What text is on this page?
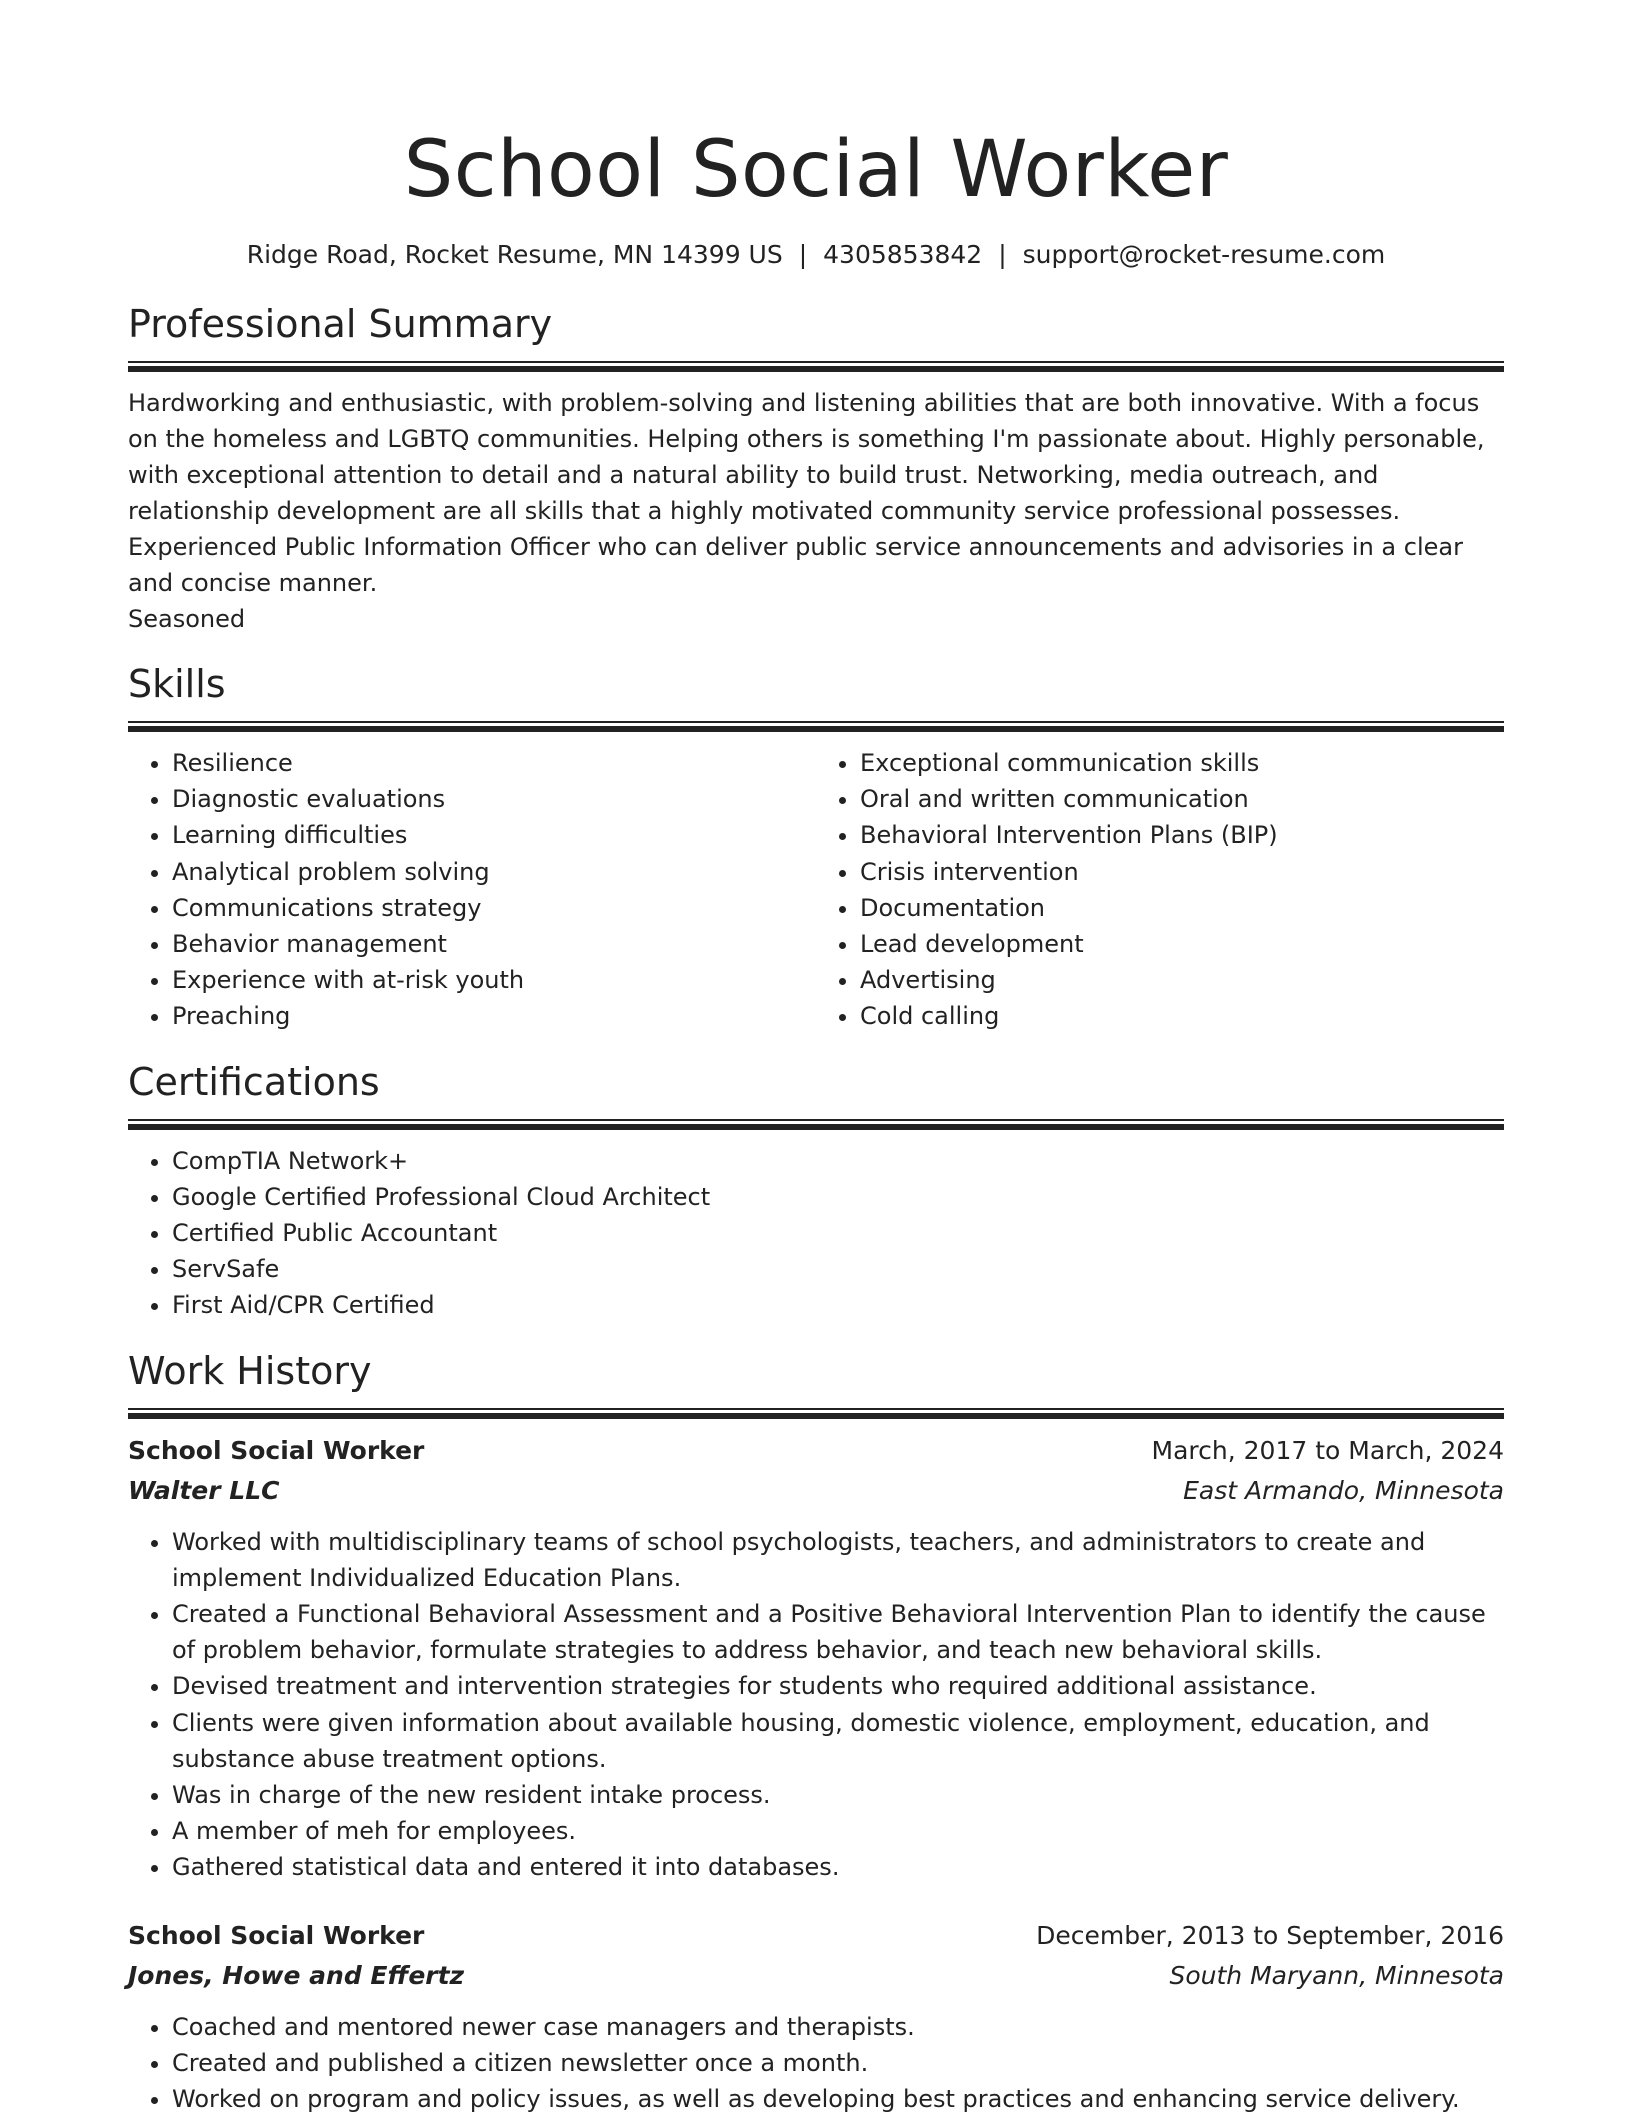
School Social Worker
Ridge Road, Rocket Resume, MN 14399 US | 4305853842 | support@rocket-resume.com
Professional Summary
Hardworking and enthusiastic, with problem-solving and listening abilities that are both innovative. With a focus on the homeless and LGBTQ communities. Helping others is something I'm passionate about. Highly personable, with exceptional attention to detail and a natural ability to build trust. Networking, media outreach, and relationship development are all skills that a highly motivated community service professional possesses. Experienced Public Information Officer who can deliver public service announcements and advisories in a clear and concise manner.
Seasoned
Skills
• Resilience
• Diagnostic evaluations
• Learning difficulties
• Analytical problem solving
• Communications strategy
• Behavior management
• Experience with at-risk youth
• Preaching
• Exceptional communication skills
• Oral and written communication
• Behavioral Intervention Plans (BIP)
• Crisis intervention
• Documentation
• Lead development
• Advertising
• Cold calling
Certifications
• CompTIA Network+
• Google Certified Professional Cloud Architect
• Certified Public Accountant
• ServSafe
• First Aid/CPR Certified
Work History
School Social Worker	March, 2017 to March, 2024
Walter LLC	East Armando, Minnesota
• Worked with multidisciplinary teams of school psychologists, teachers, and administrators to create and implement Individualized Education Plans.
• Created a Functional Behavioral Assessment and a Positive Behavioral Intervention Plan to identify the cause of problem behavior, formulate strategies to address behavior, and teach new behavioral skills.
• Devised treatment and intervention strategies for students who required additional assistance.
• Clients were given information about available housing, domestic violence, employment, education, and substance abuse treatment options.
• Was in charge of the new resident intake process.
• A member of meh for employees.
• Gathered statistical data and entered it into databases.
School Social Worker	December, 2013 to September, 2016
Jones, Howe and Effertz	South Maryann, Minnesota
• Coached and mentored newer case managers and therapists.
• Created and published a citizen newsletter once a month.
• Worked on program and policy issues, as well as developing best practices and enhancing service delivery.
